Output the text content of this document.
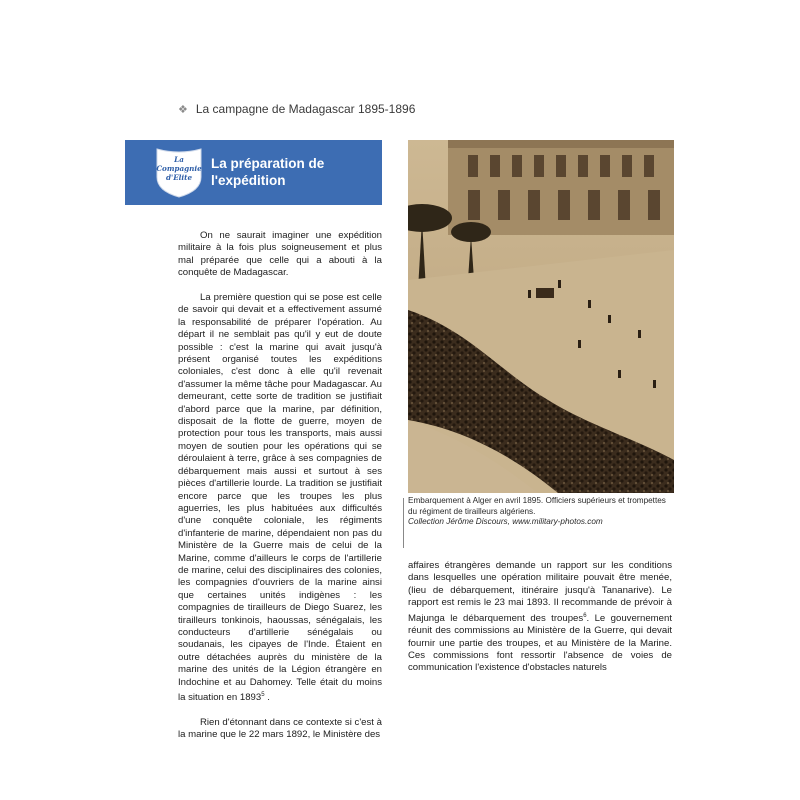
❖ La campagne de Madagascar 1895-1896
La Compagnie d'Elite
La préparation de l'expédition

On ne saurait imaginer une expédition militaire à la fois plus soigneusement et plus mal préparée que celle qui a abouti à la conquête de Madagascar.

La première question qui se pose est celle de savoir qui devait et a effectivement assumé la responsabilité de préparer l'opération. Au départ il ne semblait pas qu'il y eut de doute possible : c'est la marine qui avait jusqu'à présent organisé toutes les expéditions coloniales, c'est donc à elle qu'il revenait d'assumer la même tâche pour Madagascar. Au demeurant, cette sorte de tradition se justifiait d'abord parce que la marine, par définition, disposait de la flotte de guerre, moyen de protection pour tous les transports, mais aussi moyen de soutien pour les opérations qui se déroulaient à terre, grâce à ses compagnies de débarquement mais aussi et surtout à ses pièces d'artillerie lourde. La tradition se justifiait encore parce que les troupes les plus aguerries, les plus habituées aux difficultés d'une conquête coloniale, les régiments d'infanterie de marine, dépendaient non pas du Ministère de la Guerre mais de celui de la Marine, comme d'ailleurs le corps de l'artillerie de marine, celui des disciplinaires des colonies, les compagnies d'ouvriers de la marine ainsi que certaines unités indigènes : les compagnies de tirailleurs de Diego Suarez, les tirailleurs tonkinois, haoussas, sénégalais, les conducteurs d'artillerie sénégalais ou soudanais, les cipayes de l'Inde. Étaient en outre détachées auprès du ministère de la marine des unités de la Légion étrangère en Indochine et au Dahomey. Telle était du moins la situation en 1893$^5$ .

Rien d'étonnant dans ce contexte si c'est à la marine que le 22 mars 1892, le Ministère des

Embarquement à Alger en avril 1895. Officiers supérieurs et trompettes du régiment de tirailleurs algériens.
Collection Jérôme Discours, www.military-photos.com

affaires étrangères demande un rapport sur les conditions dans lesquelles une opération militaire pouvait être menée, (lieu de débarquement, itinéraire jusqu'à Tananarive). Le rapport est remis le 23 mai 1893. Il recommande de prévoir à Majunga le débarquement des troupes$^6$. Le gouvernement réunit des commissions au Ministère de la Guerre, qui devait fournir une partie des troupes, et au Ministère de la Marine. Ces commissions font ressortir l'absence de voies de communication l'existence d'obstacles naturels
